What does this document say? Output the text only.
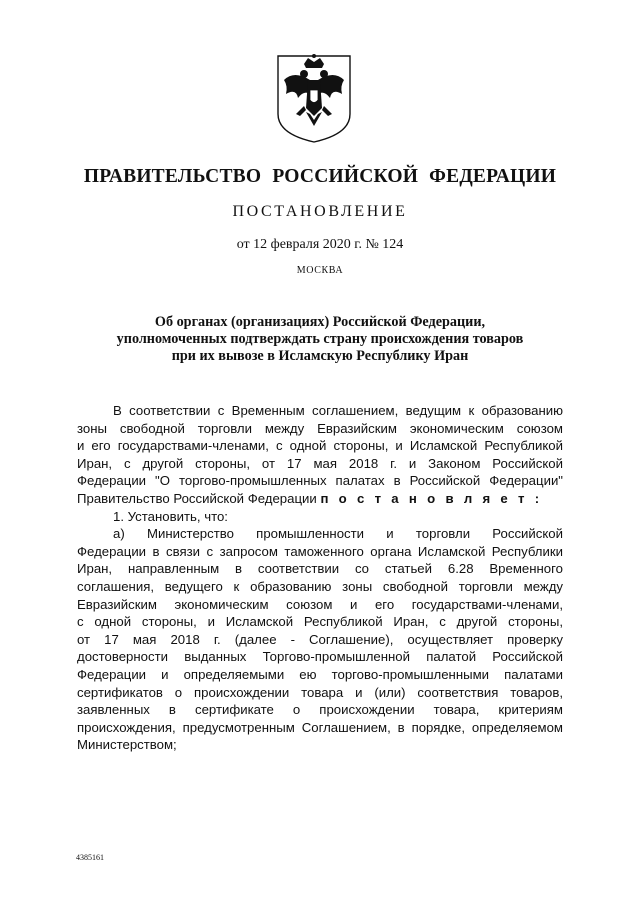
ПРАВИТЕЛЬСТВО РОССИЙСКОЙ ФЕДЕРАЦИИ
ПОСТАНОВЛЕНИЕ
от 12 февраля 2020 г. № 124
МОСКВА
Об органах (организациях) Российской Федерации,
уполномоченных подтверждать страну происхождения товаров
при их вывозе в Исламскую Республику Иран
В соответствии с Временным соглашением, ведущим к образованию
зоны свободной торговли между Евразийским экономическим союзом
и его государствами-членами, с одной стороны, и Исламской Республикой
Иран, с другой стороны, от 17 мая 2018 г. и Законом Российской
Федерации "О торгово-промышленных палатах в Российской Федерации"
Правительство Российской Федерации п о с т а н о в л я е т :
1. Установить, что:
а) Министерство промышленности и торговли Российской
Федерации в связи с запросом таможенного органа Исламской Республики
Иран, направленным в соответствии со статьей 6.28 Временного
соглашения, ведущего к образованию зоны свободной торговли между
Евразийским экономическим союзом и его государствами-членами,
с одной стороны, и Исламской Республикой Иран, с другой стороны,
от 17 мая 2018 г. (далее - Соглашение), осуществляет проверку
достоверности выданных Торгово-промышленной палатой Российской
Федерации и определяемыми ею торгово-промышленными палатами
сертификатов о происхождении товара и (или) соответствия товаров,
заявленных в сертификате о происхождении товара, критериям
происхождения, предусмотренным Соглашением, в порядке, определяемом
Министерством;
4385161
